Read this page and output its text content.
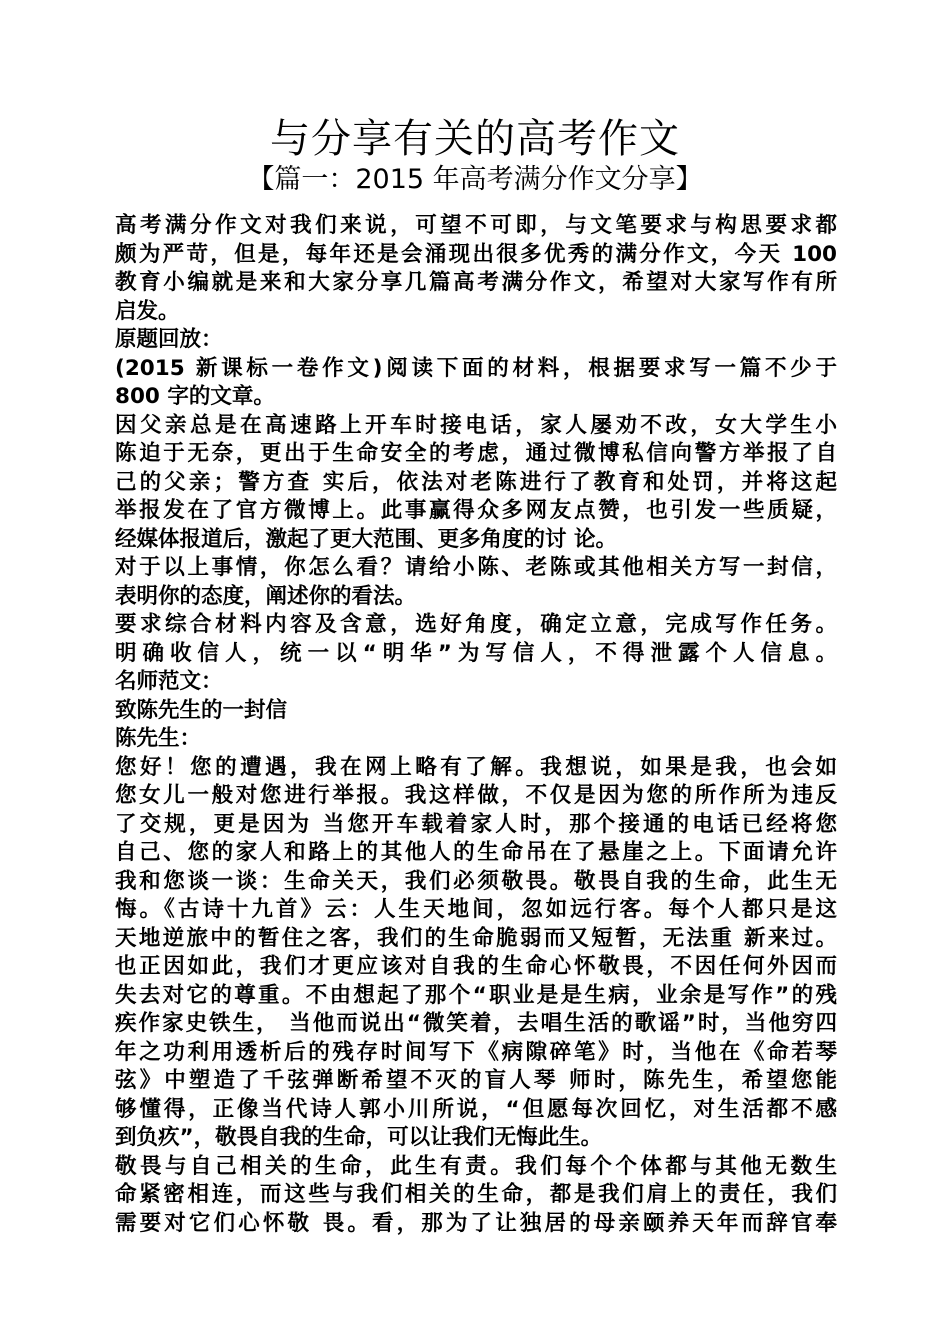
与分享有关的高考作文
【篇一：2015 年高考满分作文分享】
高考满分作文对我们来说，可望不可即，与文笔要求与构思要求都
颇为严苛，但是，每年还是会涌现出很多优秀的满分作文，今天 100
教育小编就是来和大家分享几篇高考满分作文，希望对大家写作有所
启发。
原题回放：
(2015 新课标一卷作文)阅读下面的材料，根据要求写一篇不少于
800 字的文章。
因父亲总是在高速路上开车时接电话，家人屡劝不改，女大学生小
陈迫于无奈，更出于生命安全的考虑，通过微博私信向警方举报了自
己的父亲；警方查 实后，依法对老陈进行了教育和处罚，并将这起
举报发在了官方微博上。此事赢得众多网友点赞，也引发一些质疑，
经媒体报道后，激起了更大范围、更多角度的讨 论。
对于以上事情，你怎么看？请给小陈、老陈或其他相关方写一封信，
表明你的态度，阐述你的看法。
要求综合材料内容及含意，选好角度，确定立意，完成写作任务。
明确收信人，统一以“明华”为写信人，不得泄露个人信息。
名师范文：
致陈先生的一封信
陈先生：
您好！您的遭遇，我在网上略有了解。我想说，如果是我，也会如
您女儿一般对您进行举报。我这样做，不仅是因为您的所作所为违反
了交规，更是因为 当您开车载着家人时，那个接通的电话已经将您
自己、您的家人和路上的其他人的生命吊在了悬崖之上。下面请允许
我和您谈一谈：生命关天，我们必须敬畏。敬畏自我的生命，此生无
悔。《古诗十九首》云：人生天地间，忽如远行客。每个人都只是这
天地逆旅中的暂住之客，我们的生命脆弱而又短暂，无法重 新来过。
也正因如此，我们才更应该对自我的生命心怀敬畏，不因任何外因而
失去对它的尊重。不由想起了那个“职业是是生病，业余是写作”的残
疾作家史铁生， 当他而说出“微笑着，去唱生活的歌谣”时，当他穷四
年之功利用透析后的残存时间写下《病隙碎笔》时，当他在《命若琴
弦》中塑造了千弦弹断希望不灭的盲人琴 师时，陈先生，希望您能
够懂得，正像当代诗人郭小川所说，“但愿每次回忆，对生活都不感
到负疚”，敬畏自我的生命，可以让我们无悔此生。
敬畏与自己相关的生命，此生有责。我们每个个体都与其他无数生
命紧密相连，而这些与我们相关的生命，都是我们肩上的责任，我们
需要对它们心怀敬 畏。看，那为了让独居的母亲颐养天年而辞官奉
